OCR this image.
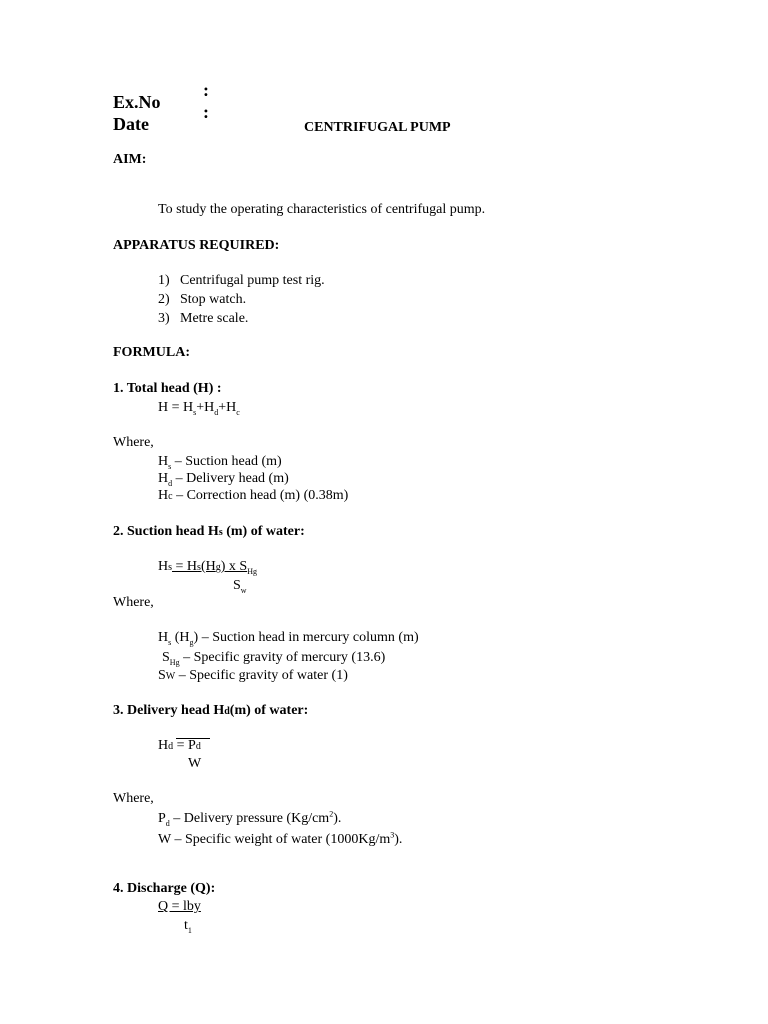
Ex.No
Date
:
:
CENTRIFUGAL PUMP
AIM:
To study the operating characteristics of centrifugal pump.
APPARATUS REQUIRED:
1) Centrifugal pump test rig.
2) Stop watch.
3) Metre scale.
FORMULA:
1. Total head (H) :
$H = H_s+H_d+H_c$
Where,
$H_s$ – Suction head (m)
$H_d$ – Delivery head (m)
Hc – Correction head (m) (0.38m)
2. Suction head Hs (m) of water:
Hs = Hs(Hg) x $S_{Hg}$
$S_w$
Where,
$H_s$ $(H_g)$ – Suction head in mercury column (m)
$S_{Hg}$ – Specific gravity of mercury (13.6)
SW – Specific gravity of water (1)
3. Delivery head Hd(m) of water:
Hd = Pd
W
Where,
$P_d$ – Delivery pressure $(Kg/cm^2)$.
W – Specific weight of water $(1000Kg/m^3)$.
4. Discharge (Q):
Q = lby
$t_1$
